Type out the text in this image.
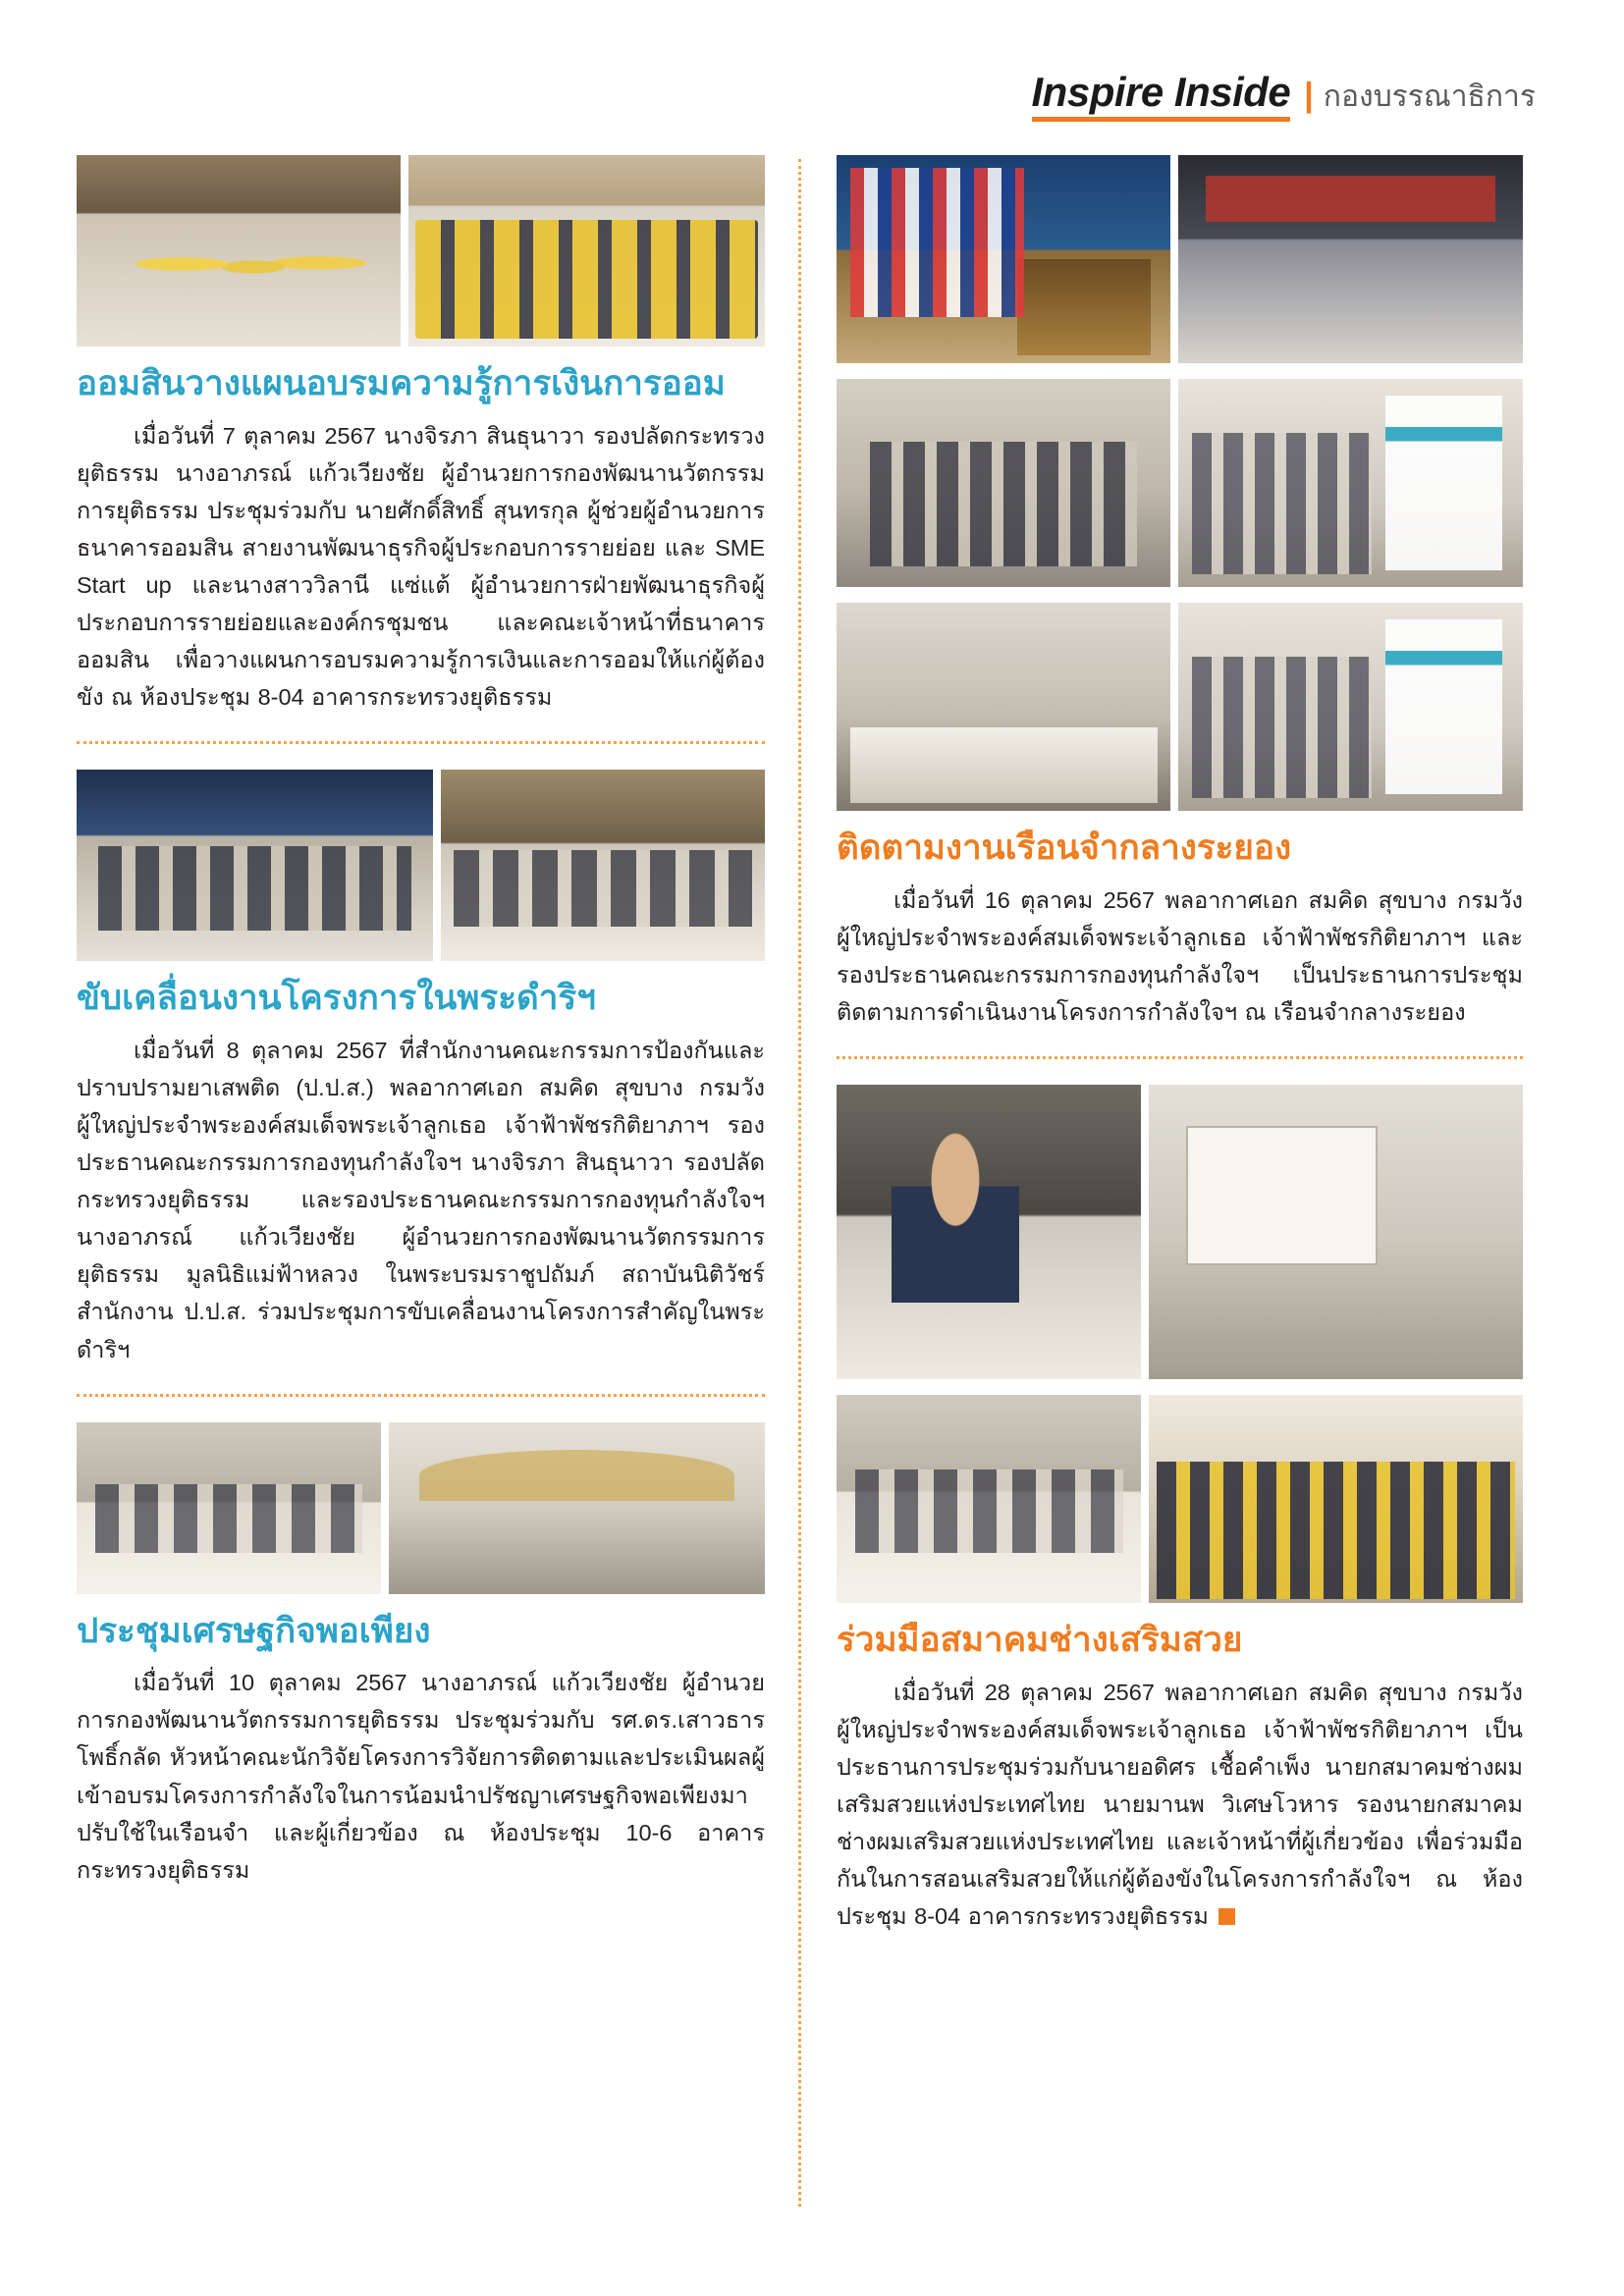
Inspire Inside | กองบรรณาธิการ
ออมสินวางแผนอบรมความรู้การเงินการออม

เมื่อวันที่ 7 ตุลาคม 2567 นางจิรภา สินธุนาวา รองปลัดกระทรวงยุติธรรม นางอาภรณ์ แก้วเวียงชัย ผู้อำนวยการกองพัฒนานวัตกรรมการยุติธรรม ประชุมร่วมกับ นายศักดิ์สิทธิ์ สุนทรกุล ผู้ช่วยผู้อำนวยการธนาคารออมสิน สายงานพัฒนาธุรกิจผู้ประกอบการรายย่อย และ SME Start up และนางสาววิลานี แซ่แต้ ผู้อำนวยการฝ่ายพัฒนาธุรกิจผู้ประกอบการรายย่อยและองค์กรชุมชน และคณะเจ้าหน้าที่ธนาคารออมสิน เพื่อวางแผนการอบรมความรู้การเงินและการออมให้แก่ผู้ต้องขัง ณ ห้องประชุม 8-04 อาคารกระทรวงยุติธรรม

ขับเคลื่อนงานโครงการในพระดำริฯ

เมื่อวันที่ 8 ตุลาคม 2567 ที่สำนักงานคณะกรรมการป้องกันและปราบปรามยาเสพติด (ป.ป.ส.) พลอากาศเอก สมคิด สุขบาง กรมวังผู้ใหญ่ประจำพระองค์สมเด็จพระเจ้าลูกเธอ เจ้าฟ้าพัชรกิติยาภาฯ รองประธานคณะกรรมการกองทุนกำลังใจฯ นางจิรภา สินธุนาวา รองปลัดกระทรวงยุติธรรม และรองประธานคณะกรรมการกองทุนกำลังใจฯ นางอาภรณ์ แก้วเวียงชัย ผู้อำนวยการกองพัฒนานวัตกรรมการยุติธรรม มูลนิธิแม่ฟ้าหลวง ในพระบรมราชูปถัมภ์ สถาบันนิติวัชร์ สำนักงาน ป.ป.ส. ร่วมประชุมการขับเคลื่อนงานโครงการสำคัญในพระดำริฯ

ประชุมเศรษฐกิจพอเพียง

เมื่อวันที่ 10 ตุลาคม 2567 นางอาภรณ์ แก้วเวียงชัย ผู้อำนวยการกองพัฒนานวัตกรรมการยุติธรรม ประชุมร่วมกับ รศ.ดร.เสาวธาร โพธิ์กลัด หัวหน้าคณะนักวิจัยโครงการวิจัยการติดตามและประเมินผลผู้เข้าอบรมโครงการกำลังใจในการน้อมนำปรัชญาเศรษฐกิจพอเพียงมาปรับใช้ในเรือนจำ และผู้เกี่ยวข้อง ณ ห้องประชุม 10-6 อาคารกระทรวงยุติธรรม

ติดตามงานเรือนจำกลางระยอง

เมื่อวันที่ 16 ตุลาคม 2567 พลอากาศเอก สมคิด สุขบาง กรมวังผู้ใหญ่ประจำพระองค์สมเด็จพระเจ้าลูกเธอ เจ้าฟ้าพัชรกิติยาภาฯ และรองประธานคณะกรรมการกองทุนกำลังใจฯ เป็นประธานการประชุมติดตามการดำเนินงานโครงการกำลังใจฯ ณ เรือนจำกลางระยอง

ร่วมมือสมาคมช่างเสริมสวย

เมื่อวันที่ 28 ตุลาคม 2567 พลอากาศเอก สมคิด สุขบาง กรมวังผู้ใหญ่ประจำพระองค์สมเด็จพระเจ้าลูกเธอ เจ้าฟ้าพัชรกิติยาภาฯ เป็นประธานการประชุมร่วมกับนายอดิศร เชื้อคำเพ็ง นายกสมาคมช่างผมเสริมสวยแห่งประเทศไทย นายมานพ วิเศษโวหาร รองนายกสมาคมช่างผมเสริมสวยแห่งประเทศไทย และเจ้าหน้าที่ผู้เกี่ยวข้อง เพื่อร่วมมือกันในการสอนเสริมสวยให้แก่ผู้ต้องขังในโครงการกำลังใจฯ ณ ห้องประชุม 8-04 อาคารกระทรวงยุติธรรม
